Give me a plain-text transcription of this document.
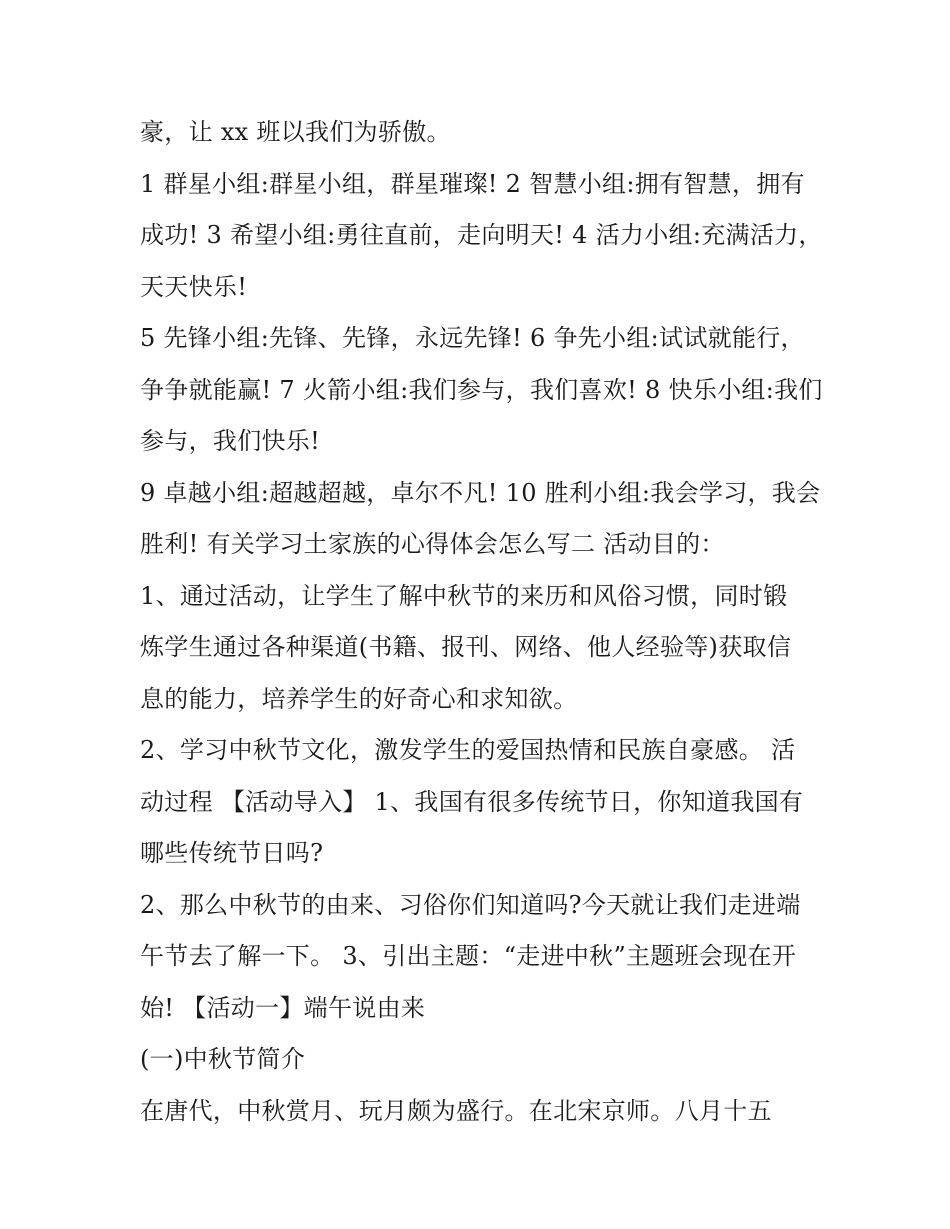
豪，让 xx 班以我们为骄傲。
1 群星小组:群星小组，群星璀璨! 2 智慧小组:拥有智慧，拥有
成功! 3 希望小组:勇往直前，走向明天! 4 活力小组:充满活力，
天天快乐!
5 先锋小组:先锋、先锋，永远先锋! 6 争先小组:试试就能行，
争争就能赢! 7 火箭小组:我们参与，我们喜欢! 8 快乐小组:我们
参与，我们快乐!
9 卓越小组:超越超越，卓尔不凡! 10 胜利小组:我会学习，我会
胜利! 有关学习土家族的心得体会怎么写二 活动目的：
1、通过活动，让学生了解中秋节的来历和风俗习惯，同时锻
炼学生通过各种渠道(书籍、报刊、网络、他人经验等)获取信
息的能力，培养学生的好奇心和求知欲。
2、学习中秋节文化，激发学生的爱国热情和民族自豪感。 活
动过程 【活动导入】 1、我国有很多传统节日，你知道我国有
哪些传统节日吗?
2、那么中秋节的由来、习俗你们知道吗?今天就让我们走进端
午节去了解一下。 3、引出主题：“走进中秋”主题班会现在开
始! 【活动一】端午说由来
(一)中秋节简介
在唐代，中秋赏月、玩月颇为盛行。在北宋京师。八月十五
